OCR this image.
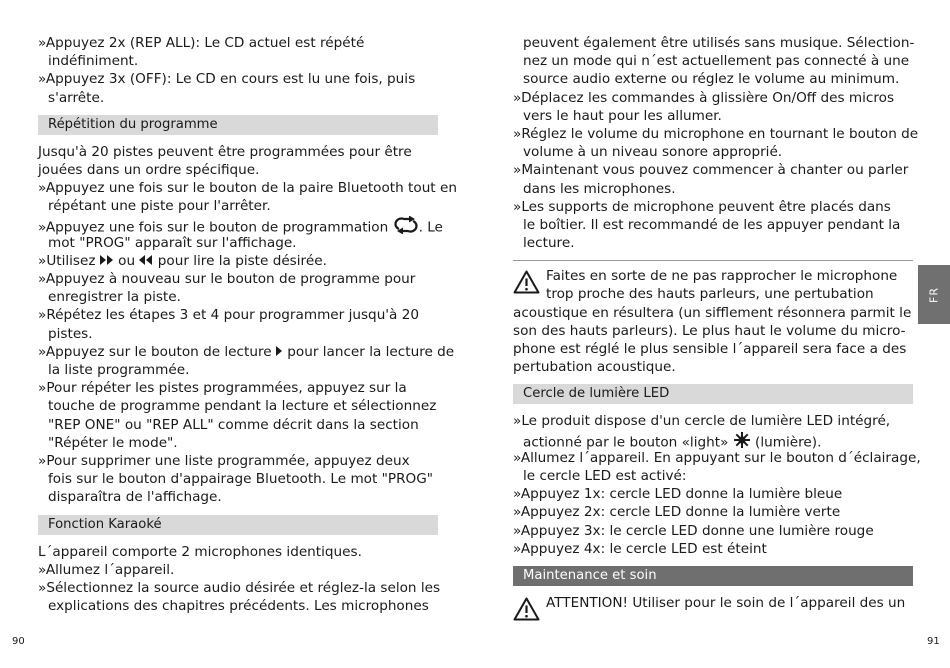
»Appuyez 2x (REP ALL): Le CD actuel est répété
indéfiniment.
»Appuyez 3x (OFF): Le CD en cours est lu une fois, puis
s'arrête.
Répétition du programme
Jusqu'à 20 pistes peuvent être programmées pour être
jouées dans un ordre spécifique.
»Appuyez une fois sur le bouton de la paire Bluetooth tout en
répétant une piste pour l'arrêter.
»Appuyez une fois sur le bouton de programmation . Le
mot "PROG" apparaît sur l'affichage.
»Utilisez ou pour lire la piste désirée.
»Appuyez à nouveau sur le bouton de programme pour
enregistrer la piste.
»Répétez les étapes 3 et 4 pour programmer jusqu'à 20
pistes.
»Appuyez sur le bouton de lecture pour lancer la lecture de
la liste programmée.
»Pour répéter les pistes programmées, appuyez sur la
touche de programme pendant la lecture et sélectionnez
"REP ONE" ou "REP ALL" comme décrit dans la section
"Répéter le mode".
»Pour supprimer une liste programmée, appuyez deux
fois sur le bouton d'appairage Bluetooth. Le mot "PROG"
disparaîtra de l'affichage.
Fonction Karaoké
L´appareil comporte 2 microphones identiques.
»Allumez l´appareil.
»Sélectionnez la source audio désirée et réglez-la selon les
explications des chapitres précédents. Les microphones
peuvent également être utilisés sans musique. Sélection-
nez un mode qui n´est actuellement pas connecté à une
source audio externe ou réglez le volume au minimum.
»Déplacez les commandes à glissière On/Off des micros
vers le haut pour les allumer.
»Réglez le volume du microphone en tournant le bouton de
volume à un niveau sonore approprié.
»Maintenant vous pouvez commencer à chanter ou parler
dans les microphones.
»Les supports de microphone peuvent être placés dans
le boîtier. Il est recommandé de les appuyer pendant la
lecture.
Faites en sorte de ne pas rapprocher le microphone
trop proche des hauts parleurs, une pertubation
acoustique en résultera (un sifflement résonnera parmit le
son des hauts parleurs). Le plus haut le volume du micro-
phone est réglé le plus sensible l´appareil sera face a des
pertubation acoustique.
Cercle de lumière LED
»Le produit dispose d'un cercle de lumière LED intégré,
actionné par le bouton «light» (lumière).
»Allumez l´appareil. En appuyant sur le bouton d´éclairage,
le cercle LED est activé:
»Appuyez 1x: cercle LED donne la lumière bleue
»Appuyez 2x: cercle LED donne la lumière verte
»Appuyez 3x: le cercle LED donne une lumière rouge
»Appuyez 4x: le cercle LED est éteint
Maintenance et soin
ATTENTION! Utiliser pour le soin de l´appareil des un
90	91
FR
